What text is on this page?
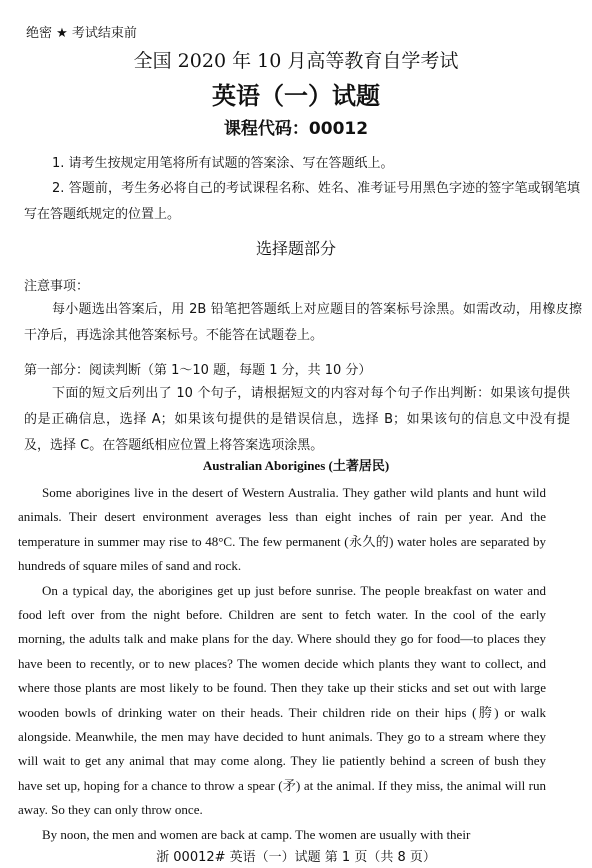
绝密 ★ 考试结束前
全国 2020 年 10 月高等教育自学考试
英语（一）试题
课程代码：00012
1. 请考生按规定用笔将所有试题的答案涂、写在答题纸上。
2. 答题前，考生务必将自己的考试课程名称、姓名、准考证号用黑色字迹的签字笔或钢笔填写在答题纸规定的位置上。
选择题部分
注意事项：
每小题选出答案后，用 2B 铅笔把答题纸上对应题目的答案标号涂黑。如需改动，用橡皮擦干净后，再选涂其他答案标号。不能答在试题卷上。
第一部分：阅读判断（第 1～10 题，每题 1 分，共 10 分）
下面的短文后列出了 10 个句子，请根据短文的内容对每个句子作出判断：如果该句提供的是正确信息，选择 A；如果该句提供的是错误信息，选择 B；如果该句的信息文中没有提及，选择 C。在答题纸相应位置上将答案选项涂黑。
Australian Aborigines (土著居民)

Some aborigines live in the desert of Western Australia. They gather wild plants and hunt wild animals. Their desert environment averages less than eight inches of rain per year. And the temperature in summer may rise to 48°C. The few permanent (永久的) water holes are separated by hundreds of square miles of sand and rock.

On a typical day, the aborigines get up just before sunrise. The people breakfast on water and food left over from the night before. Children are sent to fetch water. In the cool of the early morning, the adults talk and make plans for the day. Where should they go for food—to places they have been to recently, or to new places? The women decide which plants they want to collect, and where those plants are most likely to be found. Then they take up their sticks and set out with large wooden bowls of drinking water on their heads. Their children ride on their hips (胯) or walk alongside. Meanwhile, the men may have decided to hunt animals. They go to a stream where they will wait to get any animal that may come along. They lie patiently behind a screen of bush they have set up, hoping for a chance to throw a spear (矛) at the animal. If they miss, the animal will run away. So they can only throw once.

By noon, the men and women are back at camp. The women are usually with their

浙 00012# 英语（一）试题 第 1 页（共 8 页）
